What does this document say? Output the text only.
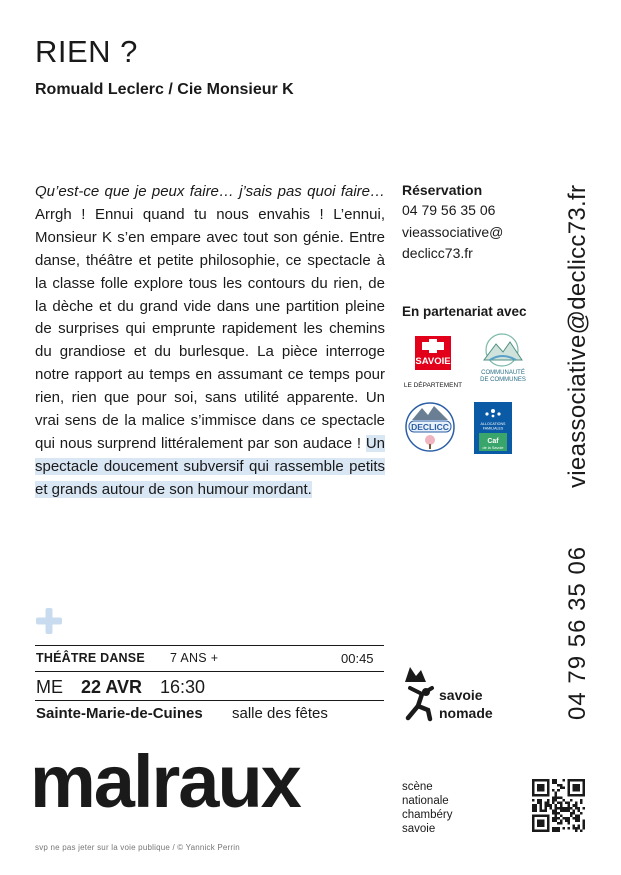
RIEN ?
Romuald Leclerc / Cie Monsieur K
Qu’est-ce que je peux faire… j’sais pas quoi faire… Arrgh ! Ennui quand tu nous envahis ! L’ennui, Monsieur K s’en empare avec tout son génie. Entre danse, théâtre et petite philosophie, ce spectacle à la classe folle explore tous les contours du rien, de la dèche et du grand vide dans une partition pleine de surprises qui emprunte rapidement les chemins du grandiose et du burlesque. La pièce interroge notre rapport au temps en assumant ce temps pour rien, rien que pour soi, sans utilité apparente. Un vrai sens de la malice s’immisce dans ce spectacle qui nous surprend littéralement par son audace ! Un spectacle doucement subversif qui rassemble petits et grands autour de son humour mordant.
Réservation
04 79 56 35 06
vieassociative@
declicc73.fr
En partenariat avec
SAVOIE
LE DÉPARTEMENT
COMMUNAUTÉ
DE COMMUNES
DECLICC	ALLOCATIONS
FAMILIALES
Caf
de la Savoie	vieassociative@declicc73.fr
04 79 56 35 06
THÉÂTRE DANSE 7 ANS +	00:45
ME 22 AVR 16:30
Sainte-Marie-de-Cuines salle des fêtes
savoie
nomade
malraux	scène
nationale
chambéry
savoie
svp ne pas jeter sur la voie publique / © Yannick Perrin
